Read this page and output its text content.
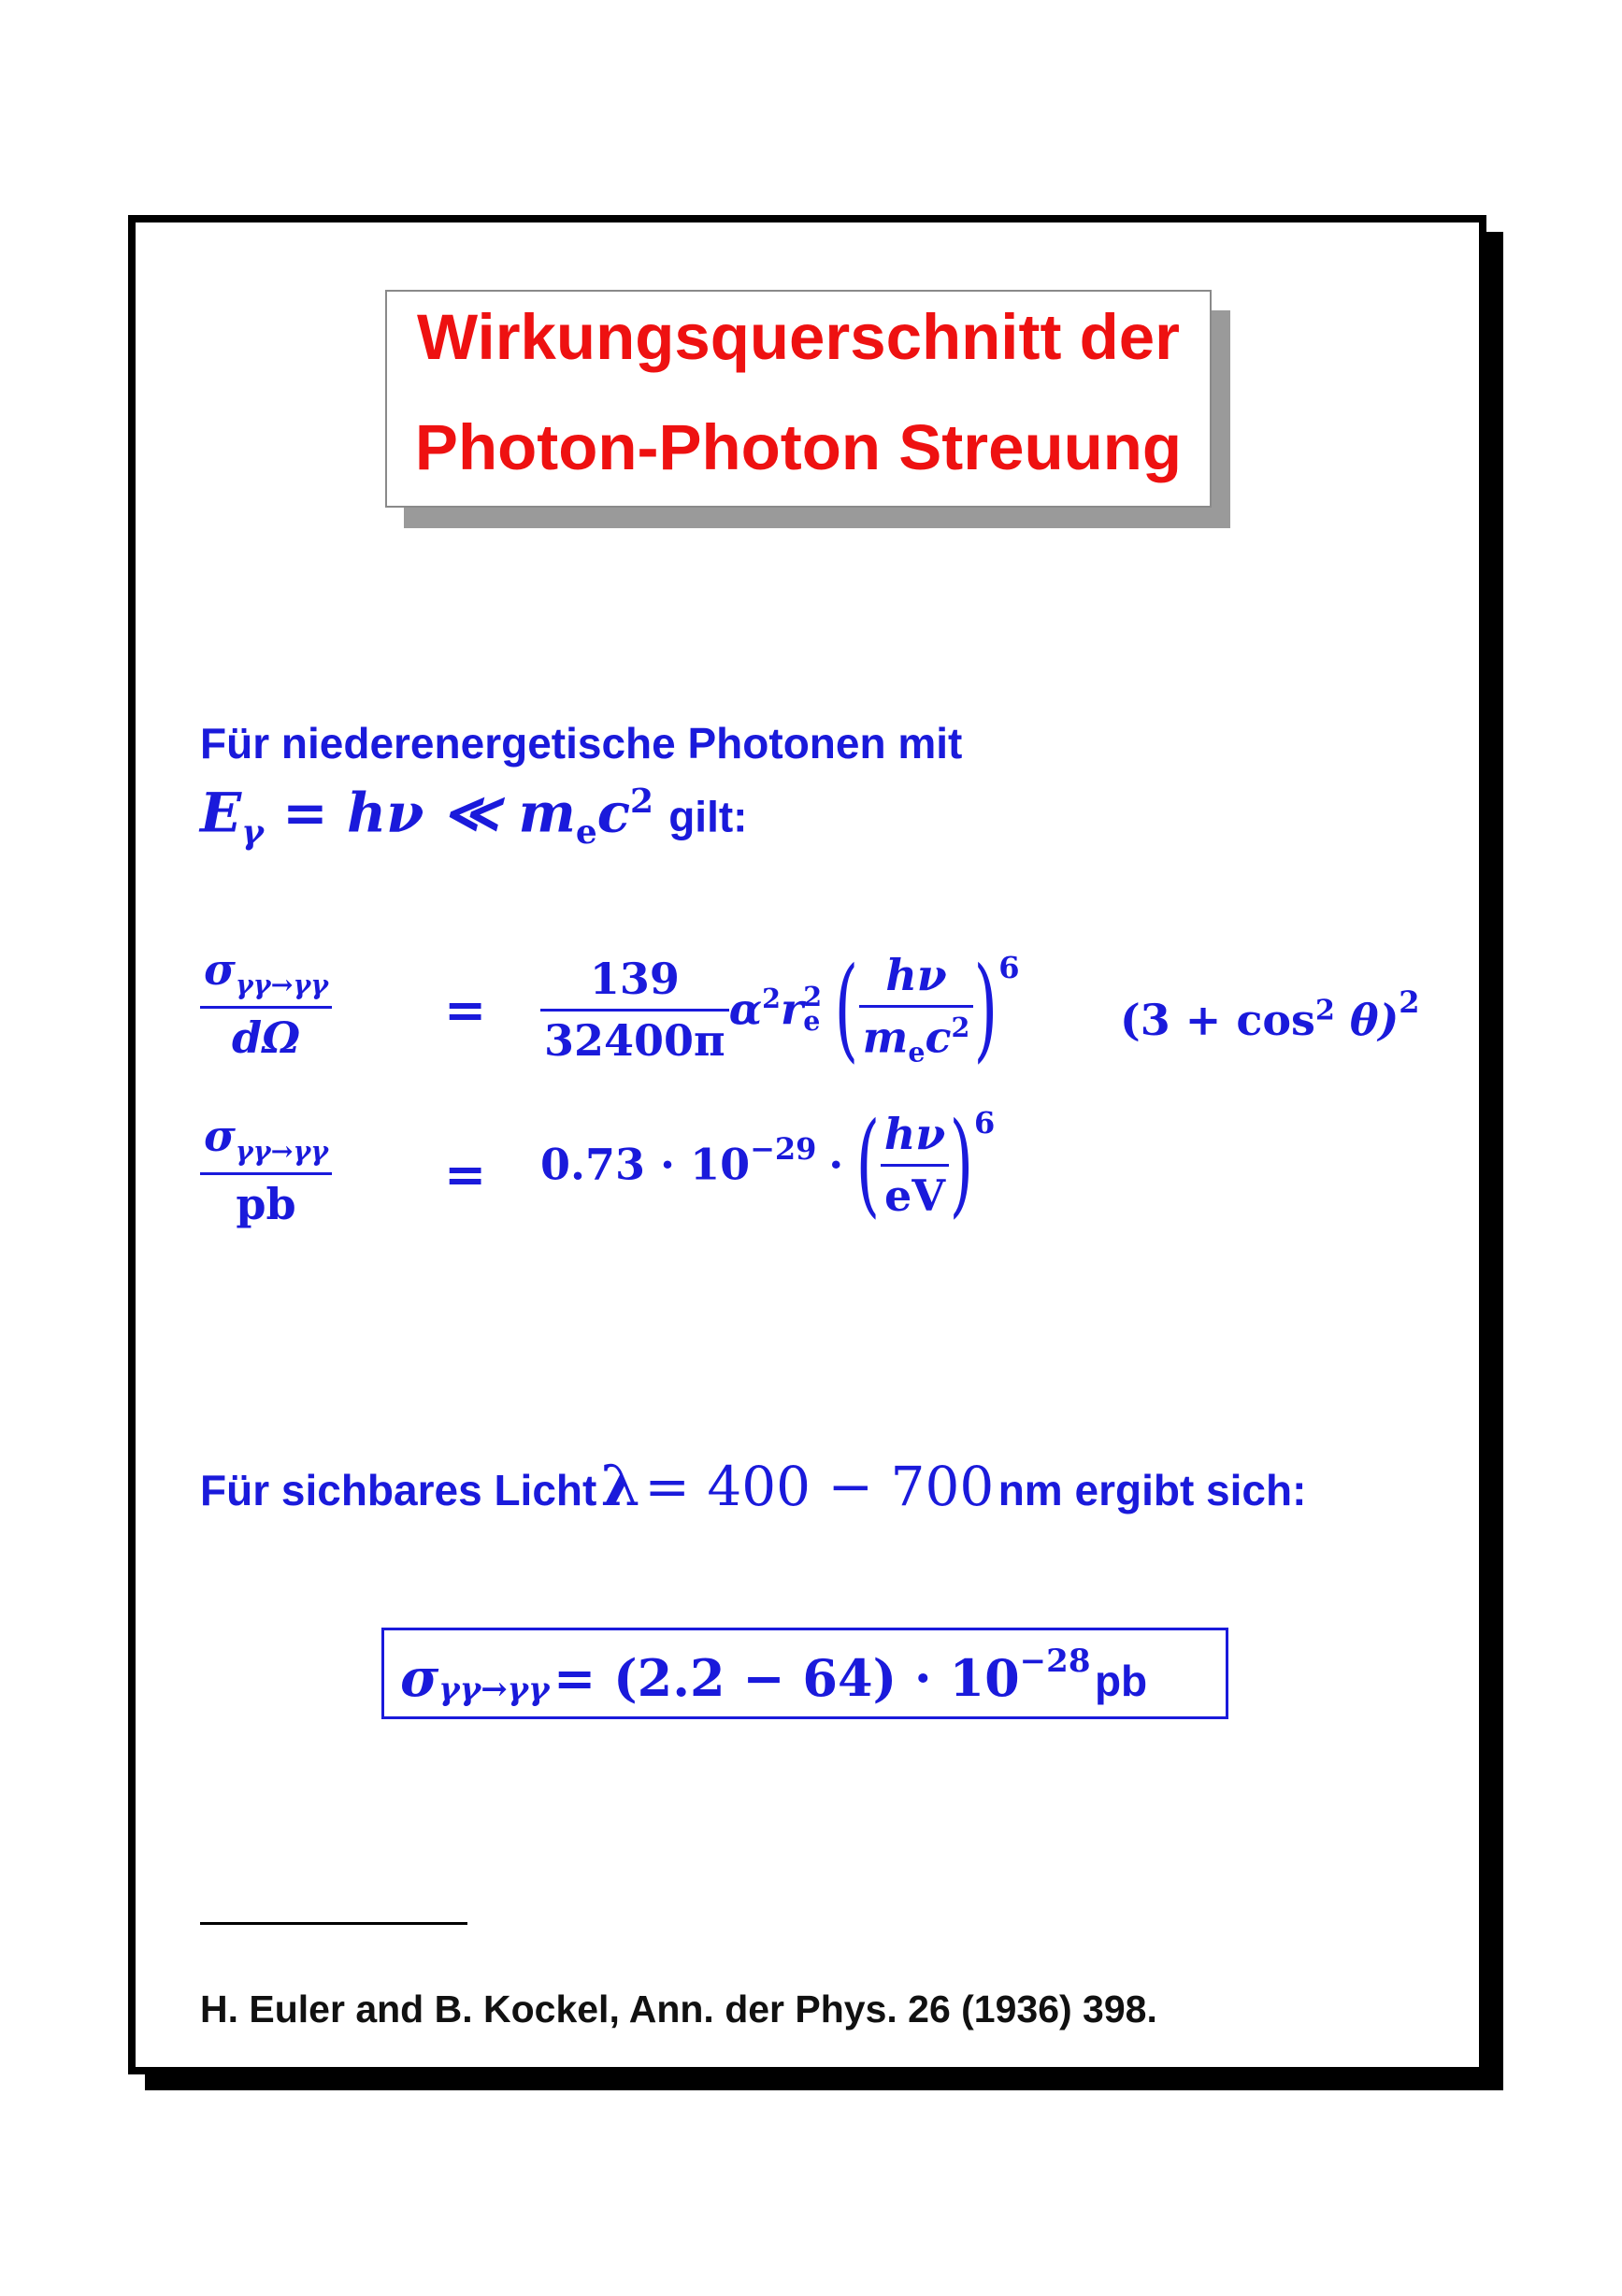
Wirkungsquerschnitt der
Photon-Photon Streuung
Für niederenergetische Photonen mit
$E_\gamma = h\nu$ ≪ $m_ec^2$ gilt:
$\frac{\sigma_{\gamma\gamma\to\gamma\gamma}}{d\Omega} = \frac{139}{32400\pi} \alpha^2r$ 2
e ( $\frac{h\nu}{m_ec^2} )^6$
$(3 + \cos^2 \theta)^2$
$\frac{\sigma_{\gamma\gamma\to\gamma\gamma}}{pb} = 0.73 \cdot 10^{-29}$ · ( $\frac{h\nu}{eV} )^6$
Für sichbares Licht λ = 400 − 700 nm ergibt sich:
$\sigma_{\gamma\gamma\to\gamma\gamma} = (2.2 - 64) \cdot 10^{-28}$ pb
H. Euler and B. Kockel, Ann. der Phys. 26 (1936) 398.
